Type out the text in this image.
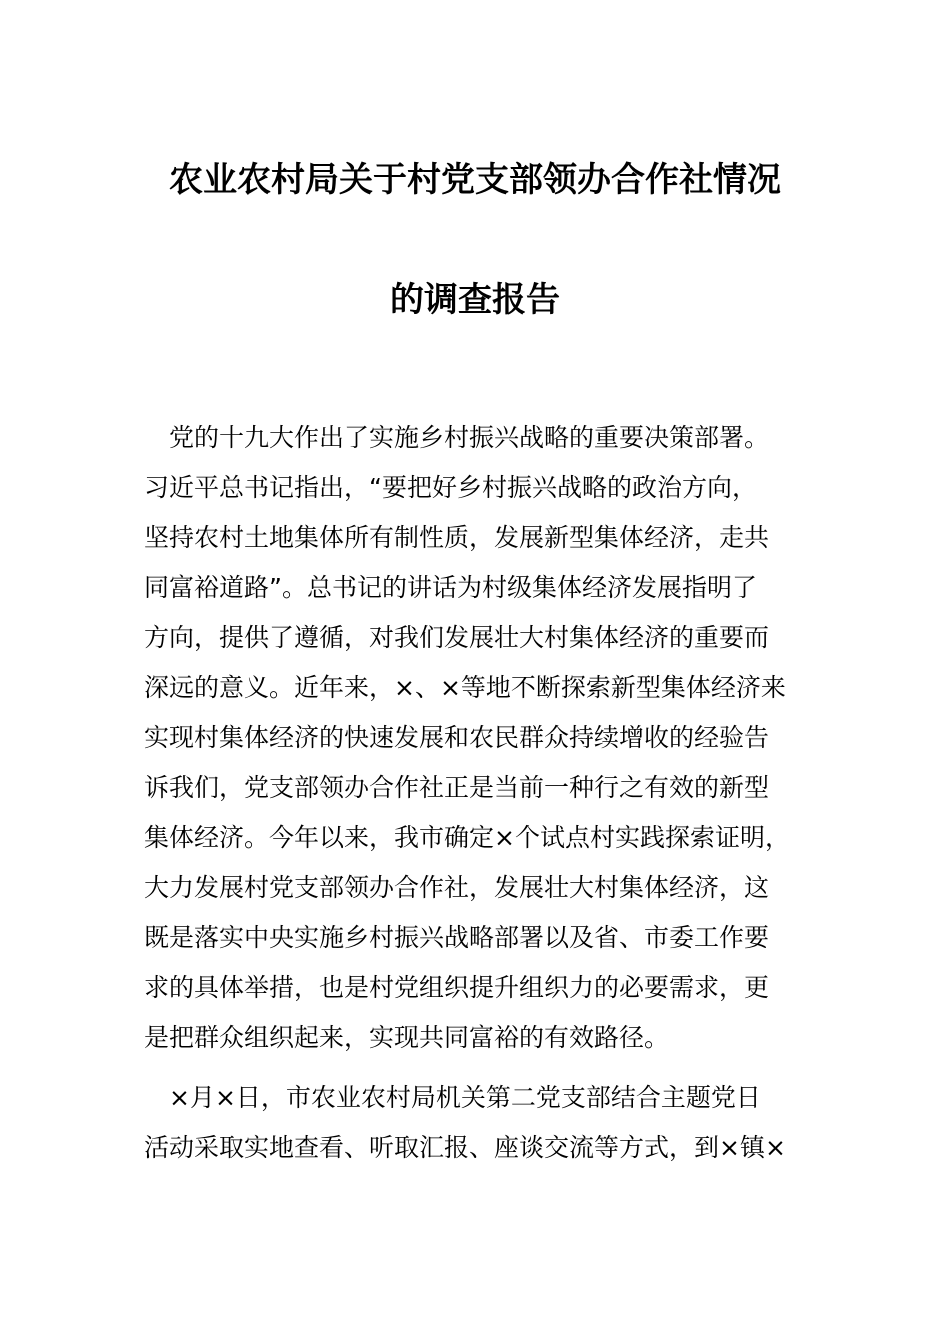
农业农村局关于村党支部领办合作社情况
的调查报告
　党的十九大作出了实施乡村振兴战略的重要决策部署。
习近平总书记指出，“要把好乡村振兴战略的政治方向，
坚持农村土地集体所有制性质，发展新型集体经济，走共
同富裕道路”。总书记的讲话为村级集体经济发展指明了
方向，提供了遵循，对我们发展壮大村集体经济的重要而
深远的意义。近年来，×、×等地不断探索新型集体经济来
实现村集体经济的快速发展和农民群众持续增收的经验告
诉我们，党支部领办合作社正是当前一种行之有效的新型
集体经济。今年以来，我市确定×个试点村实践探索证明，
大力发展村党支部领办合作社，发展壮大村集体经济，这
既是落实中央实施乡村振兴战略部署以及省、市委工作要
求的具体举措，也是村党组织提升组织力的必要需求，更
是把群众组织起来，实现共同富裕的有效路径。
　×月×日，市农业农村局机关第二党支部结合主题党日
活动采取实地查看、听取汇报、座谈交流等方式，到×镇×
